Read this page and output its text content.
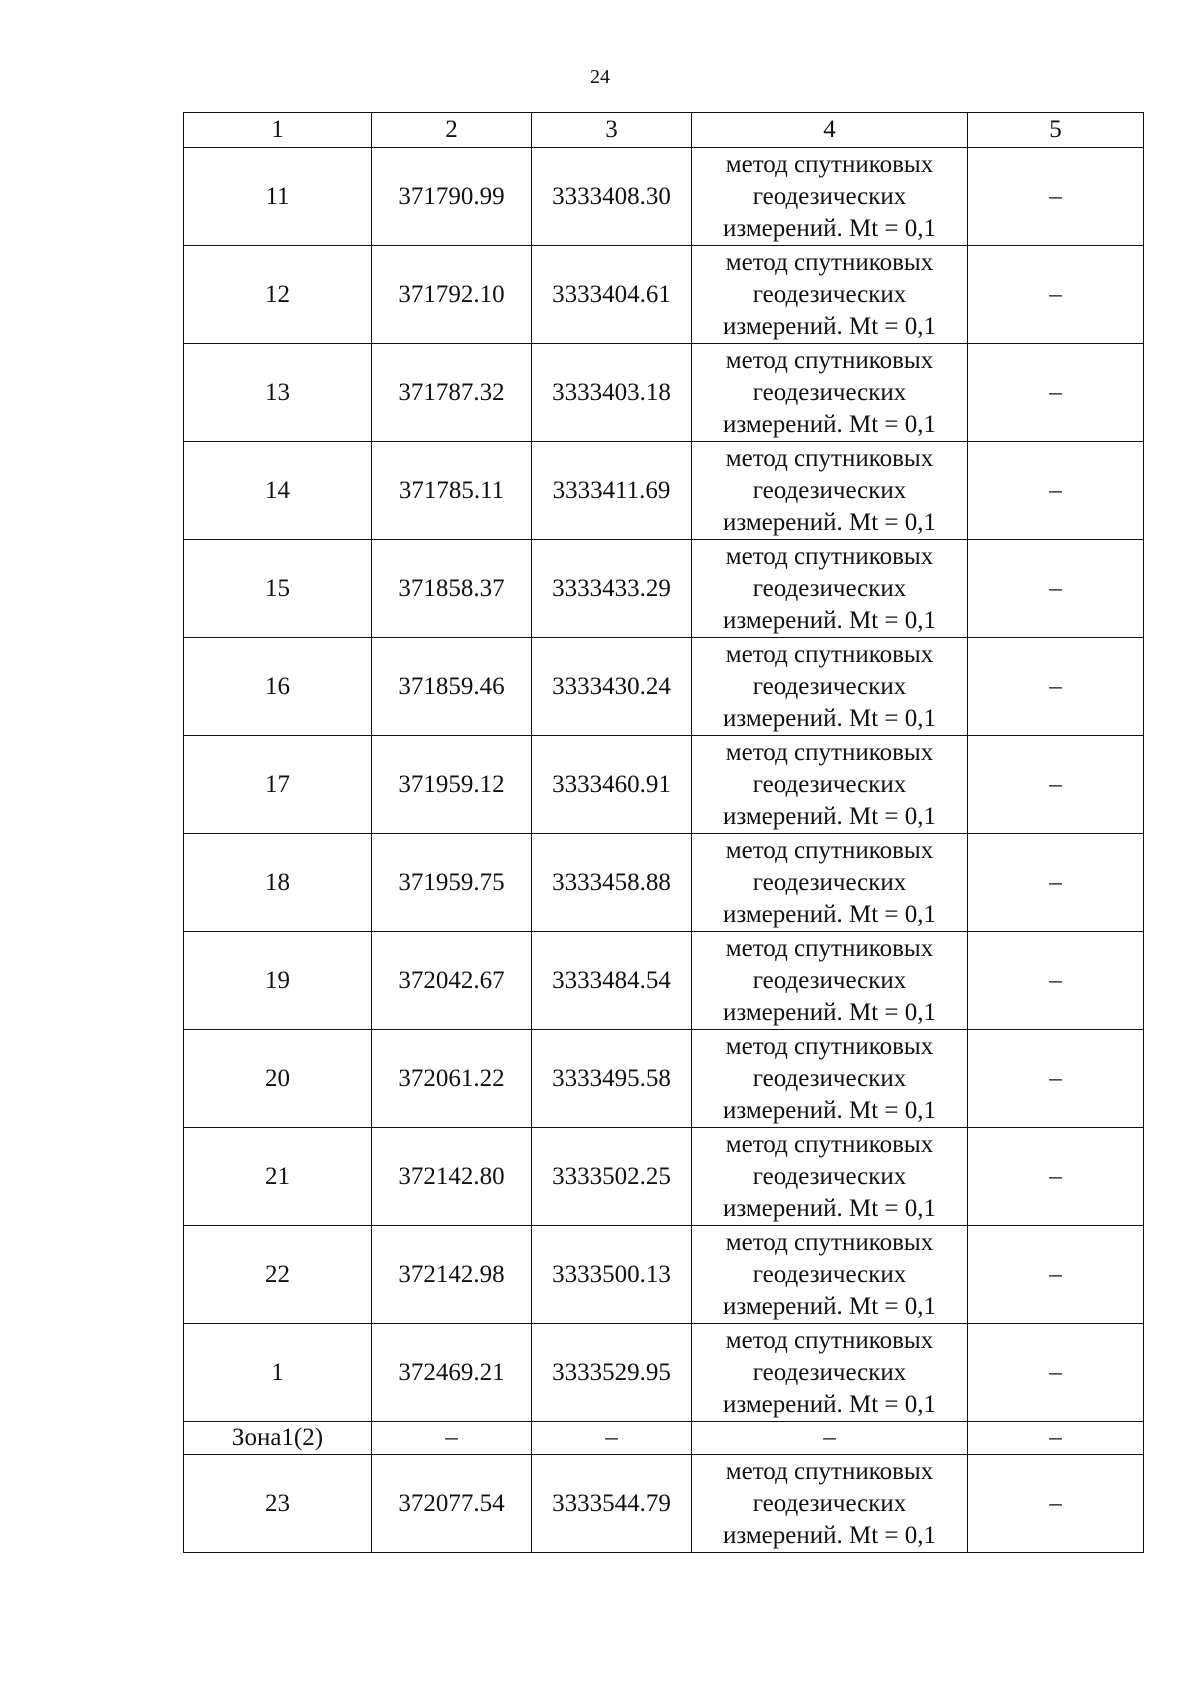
24
1	2	3	4	5
11	371790.99	3333408.30	метод спутниковых
геодезических
измерений. Mt = 0,1	–
12	371792.10	3333404.61	метод спутниковых
геодезических
измерений. Mt = 0,1	–
13	371787.32	3333403.18	метод спутниковых
геодезических
измерений. Mt = 0,1	–
14	371785.11	3333411.69	метод спутниковых
геодезических
измерений. Mt = 0,1	–
15	371858.37	3333433.29	метод спутниковых
геодезических
измерений. Mt = 0,1	–
16	371859.46	3333430.24	метод спутниковых
геодезических
измерений. Mt = 0,1	–
17	371959.12	3333460.91	метод спутниковых
геодезических
измерений. Mt = 0,1	–
18	371959.75	3333458.88	метод спутниковых
геодезических
измерений. Mt = 0,1	–
19	372042.67	3333484.54	метод спутниковых
геодезических
измерений. Mt = 0,1	–
20	372061.22	3333495.58	метод спутниковых
геодезических
измерений. Mt = 0,1	–
21	372142.80	3333502.25	метод спутниковых
геодезических
измерений. Mt = 0,1	–
22	372142.98	3333500.13	метод спутниковых
геодезических
измерений. Mt = 0,1	–
1	372469.21	3333529.95	метод спутниковых
геодезических
измерений. Mt = 0,1	–
Зона1(2)	–	–	–	–
23	372077.54	3333544.79	метод спутниковых
геодезических
измерений. Mt = 0,1	–
